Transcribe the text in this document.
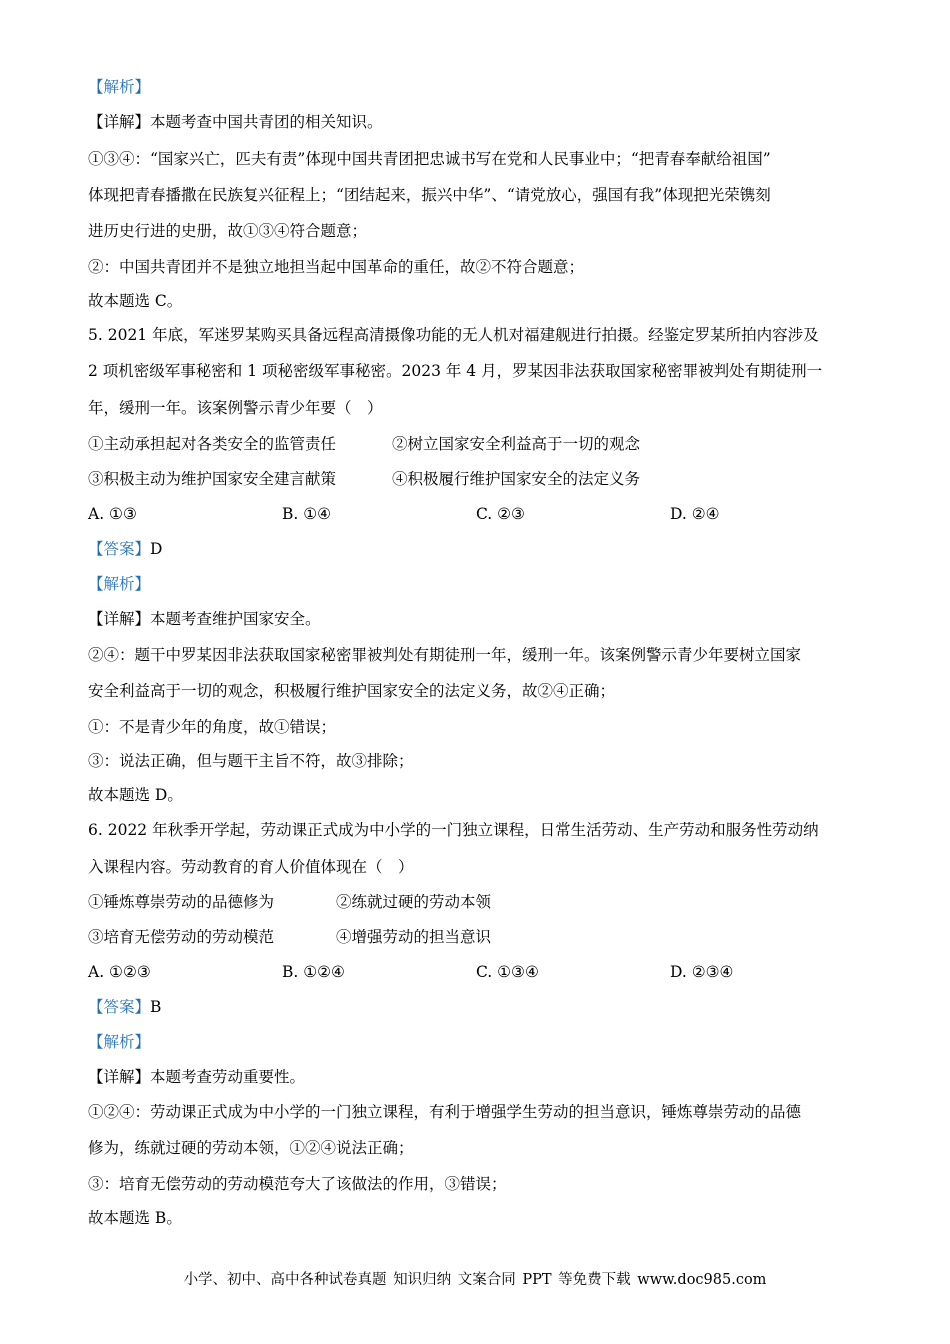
【解析】
【详解】本题考查中国共青团的相关知识。
①③④：“国家兴亡，匹夫有责”体现中国共青团把忠诚书写在党和人民事业中；“把青春奉献给祖国”
体现把青春播撒在民族复兴征程上；“团结起来，振兴中华”、“请党放心，强国有我”体现把光荣镌刻
进历史行进的史册，故①③④符合题意；
②：中国共青团并不是独立地担当起中国革命的重任，故②不符合题意；
故本题选 C。
5. 2021 年底，军迷罗某购买具备远程高清摄像功能的无人机对福建舰进行拍摄。经鉴定罗某所拍内容涉及
2 项机密级军事秘密和 1 项秘密级军事秘密。2023 年 4 月，罗某因非法获取国家秘密罪被判处有期徒刑一
年，缓刑一年。该案例警示青少年要（　）
①主动承担起对各类安全的监管责任	②树立国家安全利益高于一切的观念
③积极主动为维护国家安全建言献策	④积极履行维护国家安全的法定义务
A. ①③	B. ①④	C. ②③	D. ②④
【答案】D
【解析】
【详解】本题考查维护国家安全。
②④：题干中罗某因非法获取国家秘密罪被判处有期徒刑一年，缓刑一年。该案例警示青少年要树立国家
安全利益高于一切的观念，积极履行维护国家安全的法定义务，故②④正确；
①：不是青少年的角度，故①错误；
③：说法正确，但与题干主旨不符，故③排除；
故本题选 D。
6. 2022 年秋季开学起，劳动课正式成为中小学的一门独立课程，日常生活劳动、生产劳动和服务性劳动纳
入课程内容。劳动教育的育人价值体现在（　）
①锤炼尊崇劳动的品德修为	②练就过硬的劳动本领
③培育无偿劳动的劳动模范	④增强劳动的担当意识
A. ①②③	B. ①②④	C. ①③④	D. ②③④
【答案】B
【解析】
【详解】本题考查劳动重要性。
①②④：劳动课正式成为中小学的一门独立课程，有利于增强学生劳动的担当意识，锤炼尊崇劳动的品德
修为，练就过硬的劳动本领，①②④说法正确；
③：培育无偿劳动的劳动模范夸大了该做法的作用，③错误；
故本题选 B。
小学、初中、高中各种试卷真题 知识归纳 文案合同 PPT 等免费下载 www.doc985.com
